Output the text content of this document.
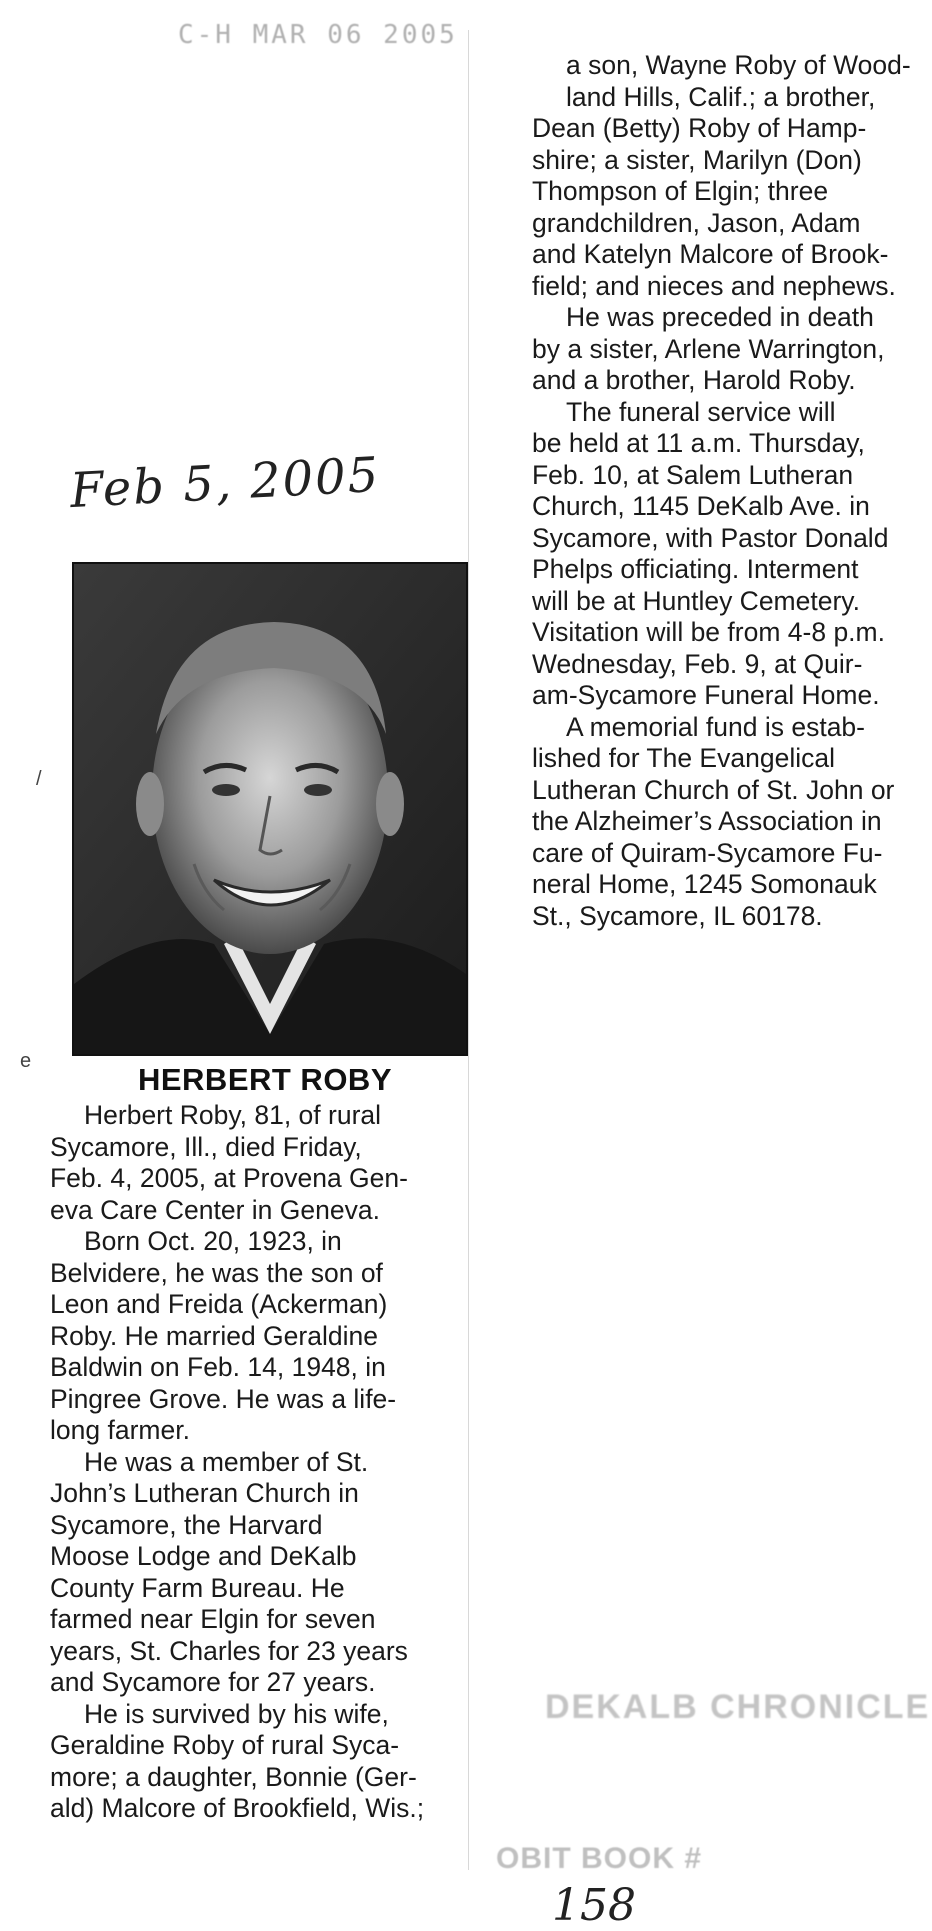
C-H MAR 06 2005
Feb 5, 2005
HERBERT ROBY
Herbert Roby, 81, of rural
Sycamore, Ill., died Friday,
Feb. 4, 2005, at Provena Gen-
eva Care Center in Geneva.
Born Oct. 20, 1923, in
Belvidere, he was the son of
Leon and Freida (Ackerman)
Roby. He married Geraldine
Baldwin on Feb. 14, 1948, in
Pingree Grove. He was a life-
long farmer.
He was a member of St.
John’s Lutheran Church in
Sycamore, the Harvard
Moose Lodge and DeKalb
County Farm Bureau. He
farmed near Elgin for seven
years, St. Charles for 23 years
and Sycamore for 27 years.
He is survived by his wife,
Geraldine Roby of rural Syca-
more; a daughter, Bonnie (Ger-
ald) Malcore of Brookfield, Wis.;
a son, Wayne Roby of Wood-
land Hills, Calif.; a brother,
Dean (Betty) Roby of Hamp-
shire; a sister, Marilyn (Don)
Thompson of Elgin; three
grandchildren, Jason, Adam
and Katelyn Malcore of Brook-
field; and nieces and nephews.
He was preceded in death
by a sister, Arlene Warrington,
and a brother, Harold Roby.
The funeral service will
be held at 11 a.m. Thursday,
Feb. 10, at Salem Lutheran
Church, 1145 DeKalb Ave. in
Sycamore, with Pastor Donald
Phelps officiating. Interment
will be at Huntley Cemetery.
Visitation will be from 4-8 p.m.
Wednesday, Feb. 9, at Quir-
am-Sycamore Funeral Home.
A memorial fund is estab-
lished for The Evangelical
Lutheran Church of St. John or
the Alzheimer’s Association in
care of Quiram-Sycamore Fu-
neral Home, 1245 Somonauk
St., Sycamore, IL 60178.
DEKALB CHRONICLE
OBIT BOOK #
158
/
e
